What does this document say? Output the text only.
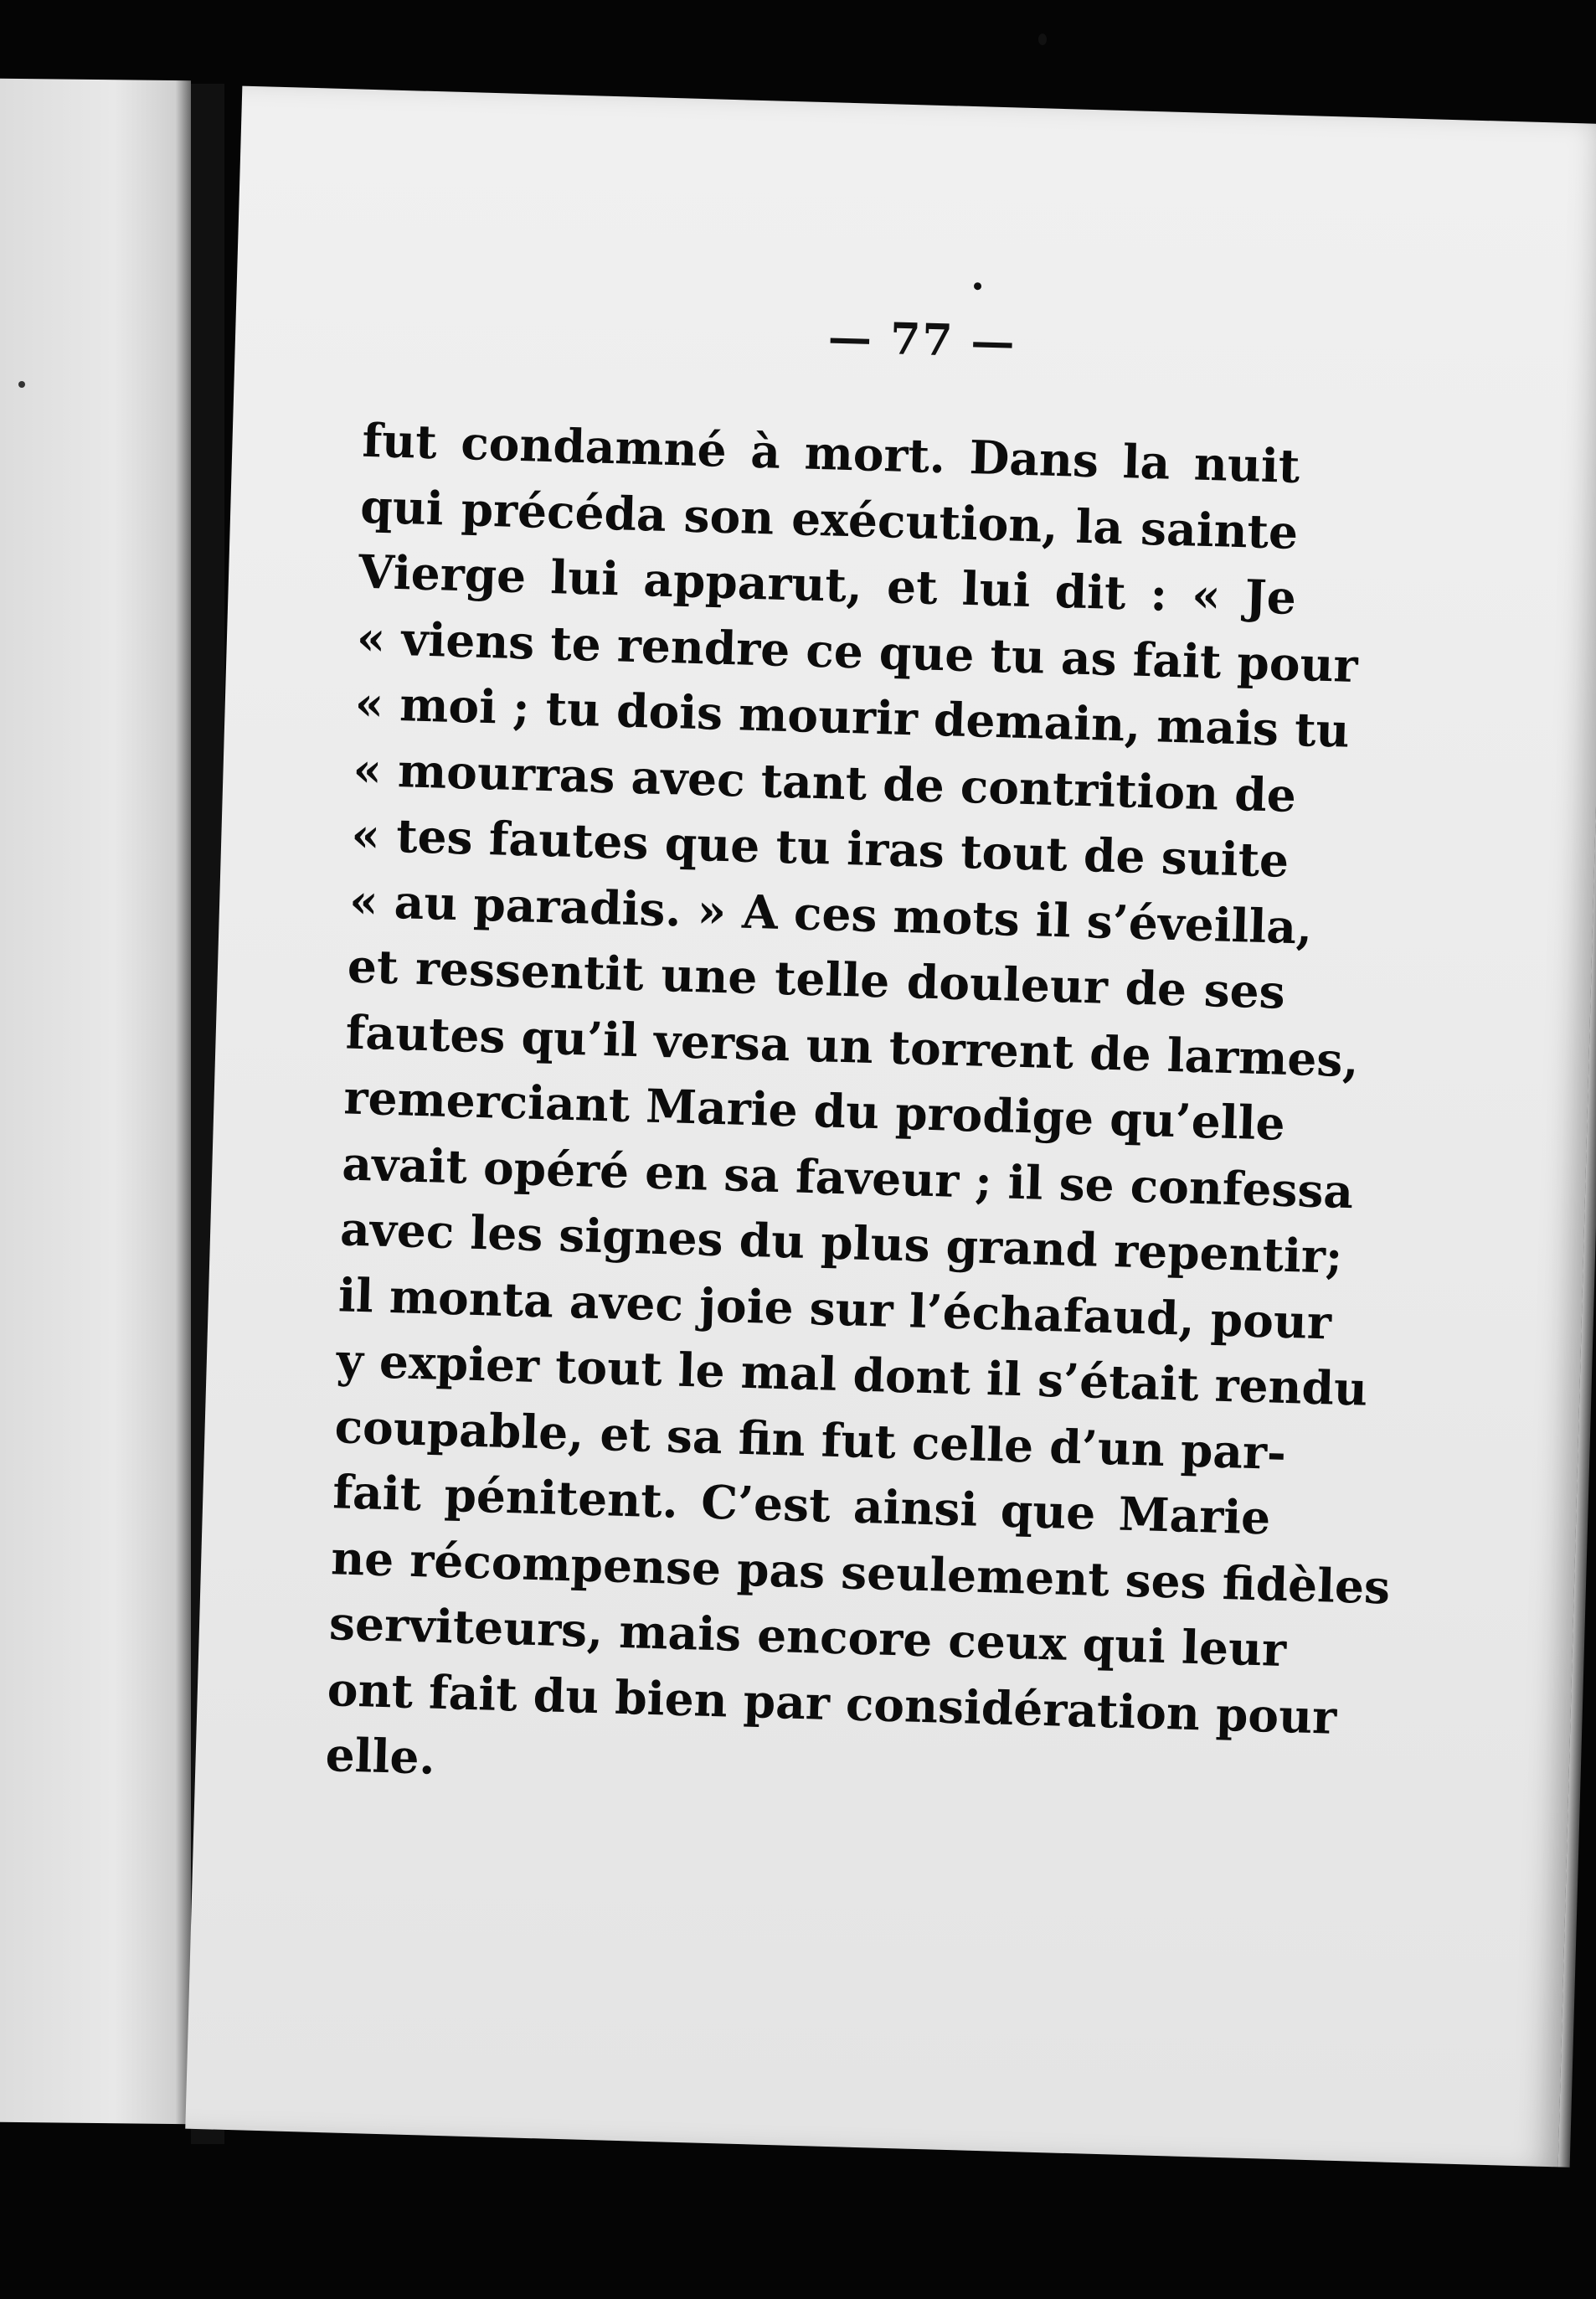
— 77 —
fut condamné à mort. Dans la nuit
qui précéda son exécution, la sainte
Vierge lui apparut, et lui dit : « Je
« viens te rendre ce que tu as fait pour
« moi ; tu dois mourir demain, mais tu
« mourras avec tant de contrition de
« tes fautes que tu iras tout de suite
« au paradis. » A ces mots il s’éveilla,
et ressentit une telle douleur de ses
fautes qu’il versa un torrent de larmes,
remerciant Marie du prodige qu’elle
avait opéré en sa faveur ; il se confessa
avec les signes du plus grand repentir;
il monta avec joie sur l’échafaud, pour
y expier tout le mal dont il s’était rendu
coupable, et sa fin fut celle d’un par-
fait pénitent. C’est ainsi que Marie
ne récompense pas seulement ses fidèles
serviteurs, mais encore ceux qui leur
ont fait du bien par considération pour
elle.
